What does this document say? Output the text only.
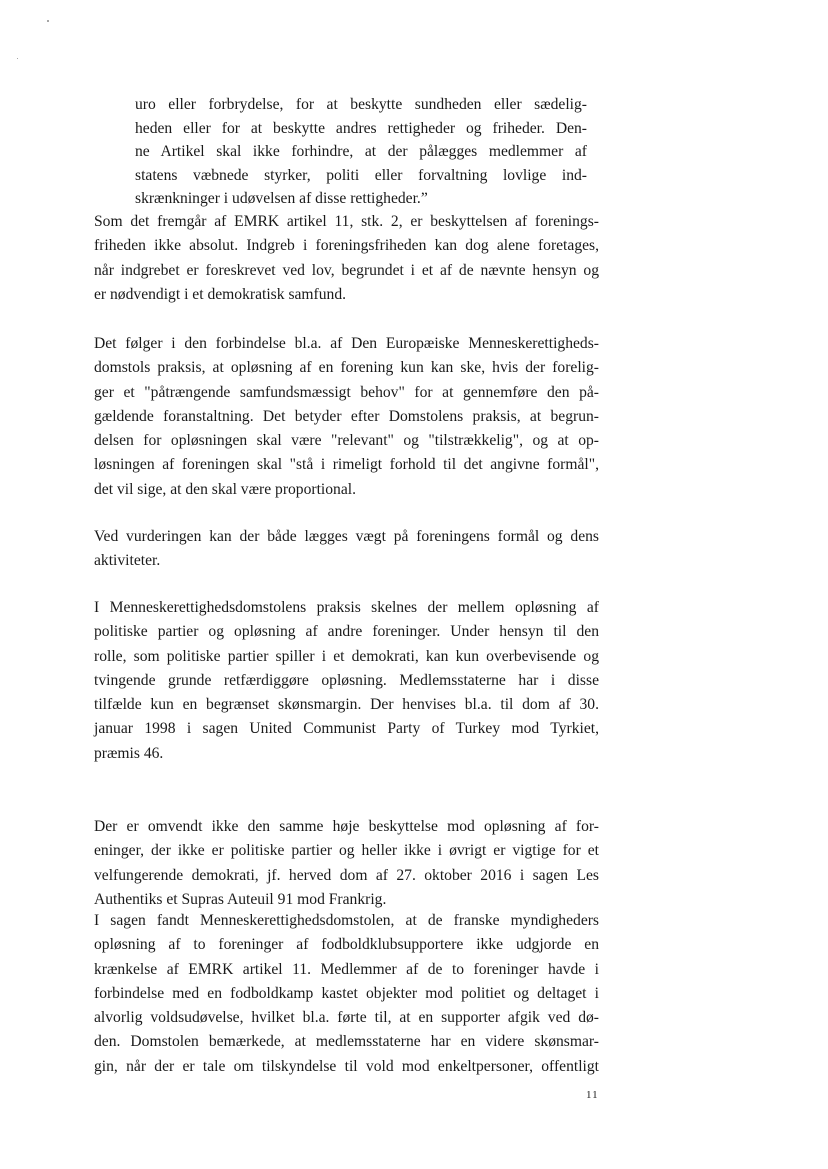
uro eller forbrydelse, for at beskytte sundheden eller sædelig-
heden eller for at beskytte andres rettigheder og friheder. Den-
ne Artikel skal ikke forhindre, at der pålægges medlemmer af
statens væbnede styrker, politi eller forvaltning lovlige ind-
skrænkninger i udøvelsen af disse rettigheder.”
Som det fremgår af EMRK artikel 11, stk. 2, er beskyttelsen af forenings-
friheden ikke absolut. Indgreb i foreningsfriheden kan dog alene foretages,
når indgrebet er foreskrevet ved lov, begrundet i et af de nævnte hensyn og
er nødvendigt i et demokratisk samfund.
Det følger i den forbindelse bl.a. af Den Europæiske Menneskerettigheds-
domstols praksis, at opløsning af en forening kun kan ske, hvis der forelig-
ger et "påtrængende samfundsmæssigt behov" for at gennemføre den på-
gældende foranstaltning. Det betyder efter Domstolens praksis, at begrun-
delsen for opløsningen skal være "relevant" og "tilstrækkelig", og at op-
løsningen af foreningen skal "stå i rimeligt forhold til det angivne formål",
det vil sige, at den skal være proportional.
Ved vurderingen kan der både lægges vægt på foreningens formål og dens
aktiviteter.
I Menneskerettighedsdomstolens praksis skelnes der mellem opløsning af
politiske partier og opløsning af andre foreninger. Under hensyn til den
rolle, som politiske partier spiller i et demokrati, kan kun overbevisende og
tvingende grunde retfærdiggøre opløsning. Medlemsstaterne har i disse
tilfælde kun en begrænset skønsmargin. Der henvises bl.a. til dom af 30.
januar 1998 i sagen United Communist Party of Turkey mod Tyrkiet,
præmis 46.
Der er omvendt ikke den samme høje beskyttelse mod opløsning af for-
eninger, der ikke er politiske partier og heller ikke i øvrigt er vigtige for et
velfungerende demokrati, jf. herved dom af 27. oktober 2016 i sagen Les
Authentiks et Supras Auteuil 91 mod Frankrig.
I sagen fandt Menneskerettighedsdomstolen, at de franske myndigheders
opløsning af to foreninger af fodboldklubsupportere ikke udgjorde en
krænkelse af EMRK artikel 11. Medlemmer af de to foreninger havde i
forbindelse med en fodboldkamp kastet objekter mod politiet og deltaget i
alvorlig voldsudøvelse, hvilket bl.a. førte til, at en supporter afgik ved dø-
den. Domstolen bemærkede, at medlemsstaterne har en videre skønsmar-
gin, når der er tale om tilskyndelse til vold mod enkeltpersoner, offentligt
11
